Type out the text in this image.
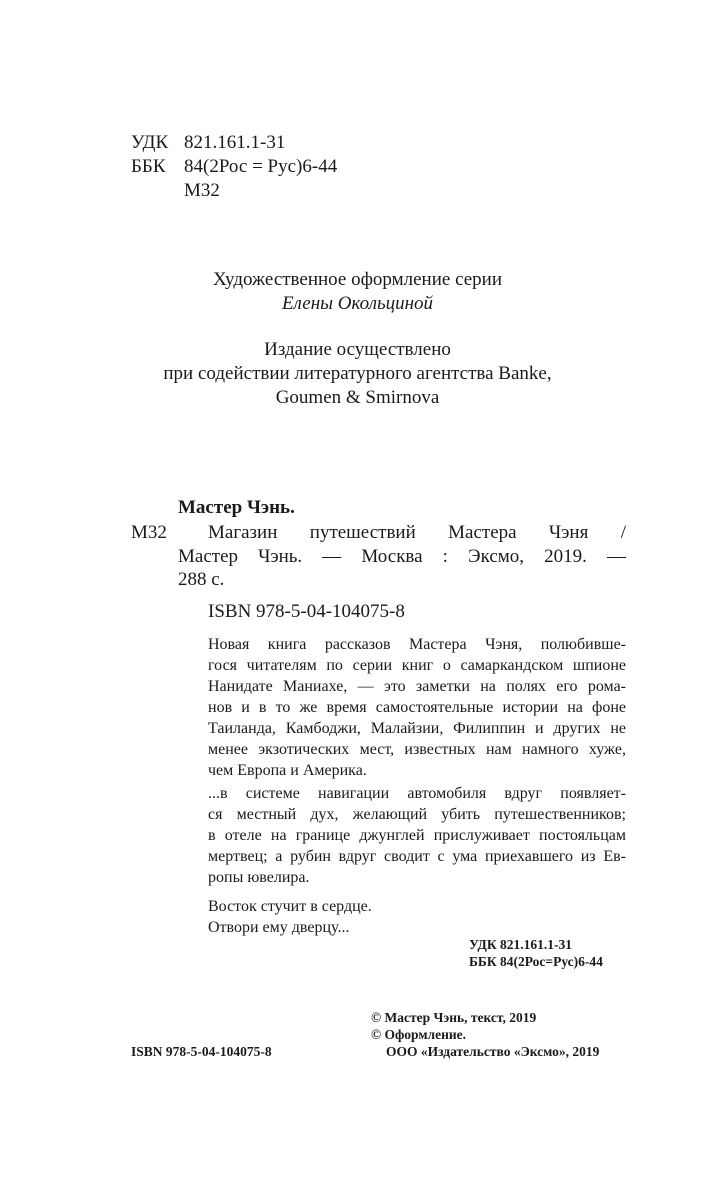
УДК 821.161.1-31
ББК 84(2Рос = Рус)6-44
М32
Художественное оформление серии
Елены Окольциной
Издание осуществлено
при содействии литературного агентства Banke,
Goumen & Smirnova
Мастер Чэнь.
М32 Магазин путешествий Мастера Чэня /
Мастер Чэнь. — Москва : Эксмо, 2019. —
288 с.
ISBN 978-5-04-104075-8
Новая книга рассказов Мастера Чэня, полюбивше-
гося читателям по серии книг о самаркандском шпионе
Нанидате Маниахе, — это заметки на полях его рома-
нов и в то же время самостоятельные истории на фоне
Таиланда, Камбоджи, Малайзии, Филиппин и других не
менее экзотических мест, известных нам намного хуже,
чем Европа и Америка.
...в системе навигации автомобиля вдруг появляет-
ся местный дух, желающий убить путешественников;
в отеле на границе джунглей прислуживает постояльцам
мертвец; а рубин вдруг сводит с ума приехавшего из Ев-
ропы ювелира.
Восток стучит в сердце.
Отвори ему дверцу...
УДК 821.161.1-31
ББК 84(2Рос=Рус)6-44
© Мастер Чэнь, текст, 2019
© Оформление.
ООО «Издательство «Эксмо», 2019
ISBN 978-5-04-104075-8
